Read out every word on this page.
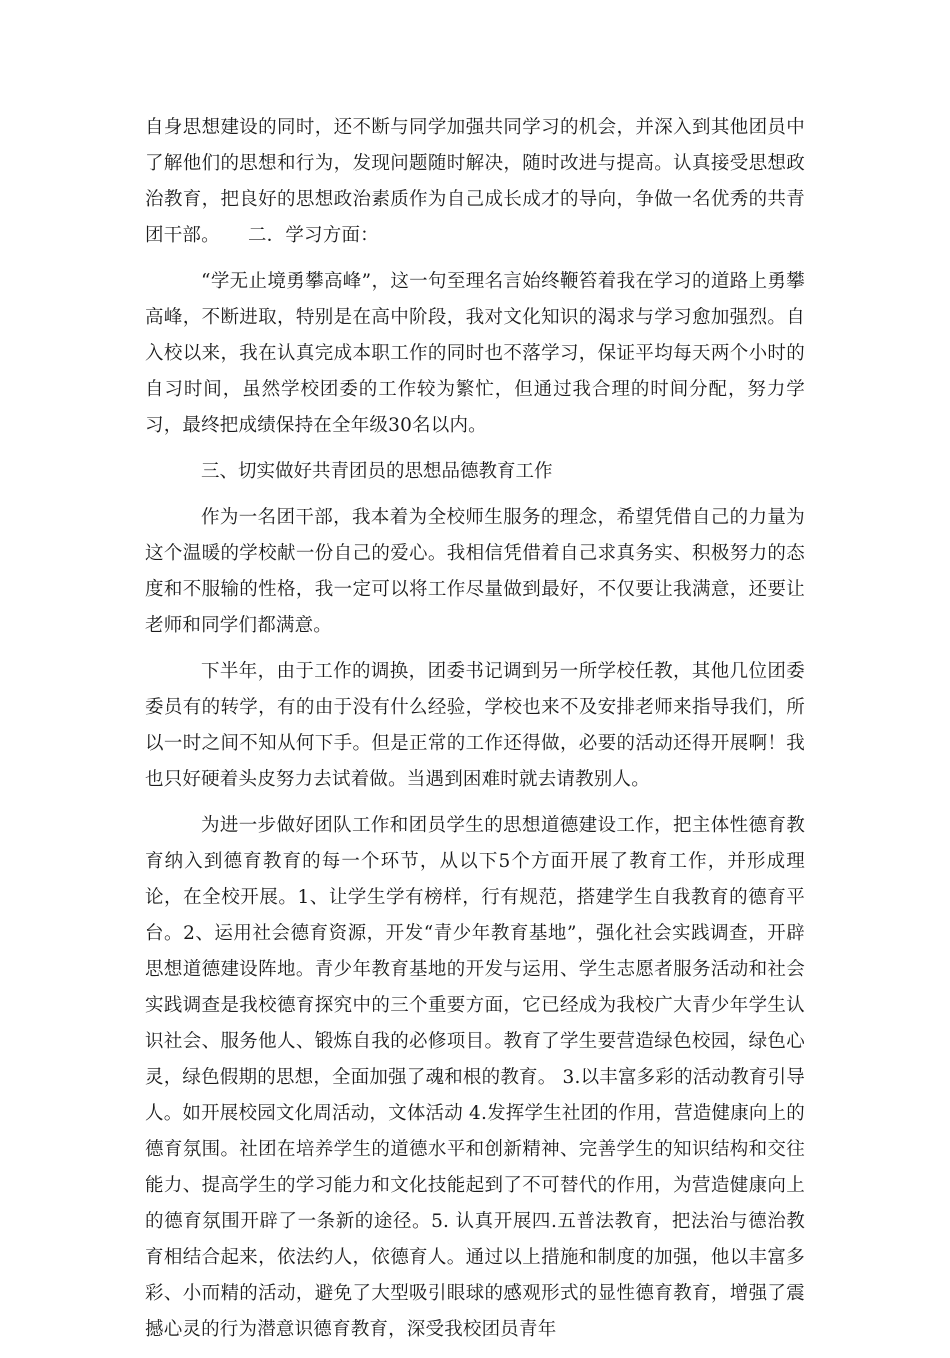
自身思想建设的同时，还不断与同学加强共同学习的机会，并深入到其他团员中了解他们的思想和行为，发现问题随时解决，随时改进与提高。认真接受思想政治教育，把良好的思想政治素质作为自己成长成才的导向，争做一名优秀的共青团干部。　　二．学习方面：

“学无止境勇攀高峰”，这一句至理名言始终鞭笞着我在学习的道路上勇攀高峰，不断进取，特别是在高中阶段，我对文化知识的渴求与学习愈加强烈。自入校以来，我在认真完成本职工作的同时也不落学习，保证平均每天两个小时的自习时间，虽然学校团委的工作较为繁忙，但通过我合理的时间分配，努力学习，最终把成绩保持在全年级30名以内。

三、切实做好共青团员的思想品德教育工作

作为一名团干部，我本着为全校师生服务的理念，希望凭借自己的力量为这个温暖的学校献一份自己的爱心。我相信凭借着自己求真务实、积极努力的态度和不服输的性格，我一定可以将工作尽量做到最好，不仅要让我满意，还要让老师和同学们都满意。

下半年，由于工作的调换，团委书记调到另一所学校任教，其他几位团委委员有的转学，有的由于没有什么经验，学校也来不及安排老师来指导我们，所以一时之间不知从何下手。但是正常的工作还得做，必要的活动还得开展啊！我也只好硬着头皮努力去试着做。当遇到困难时就去请教别人。

为进一步做好团队工作和团员学生的思想道德建设工作，把主体性德育教育纳入到德育教育的每一个环节，从以下5个方面开展了教育工作，并形成理论，在全校开展。1、让学生学有榜样，行有规范，搭建学生自我教育的德育平台。2、运用社会德育资源，开发“青少年教育基地”，强化社会实践调查，开辟思想道德建设阵地。青少年教育基地的开发与运用、学生志愿者服务活动和社会实践调查是我校德育探究中的三个重要方面，它已经成为我校广大青少年学生认识社会、服务他人、锻炼自我的必修项目。教育了学生要营造绿色校园，绿色心灵，绿色假期的思想，全面加强了魂和根的教育。 3.以丰富多彩的活动教育引导人。如开展校园文化周活动，文体活动 4.发挥学生社团的作用，营造健康向上的德育氛围。社团在培养学生的道德水平和创新精神、完善学生的知识结构和交往能力、提高学生的学习能力和文化技能起到了不可替代的作用，为营造健康向上的德育氛围开辟了一条新的途径。5. 认真开展四.五普法教育，把法治与德治教育相结合起来，依法约人，依德育人。通过以上措施和制度的加强，他以丰富多彩、小而精的活动，避免了大型吸引眼球的感观形式的显性德育教育，增强了震撼心灵的行为潜意识德育教育，深受我校团员青年
